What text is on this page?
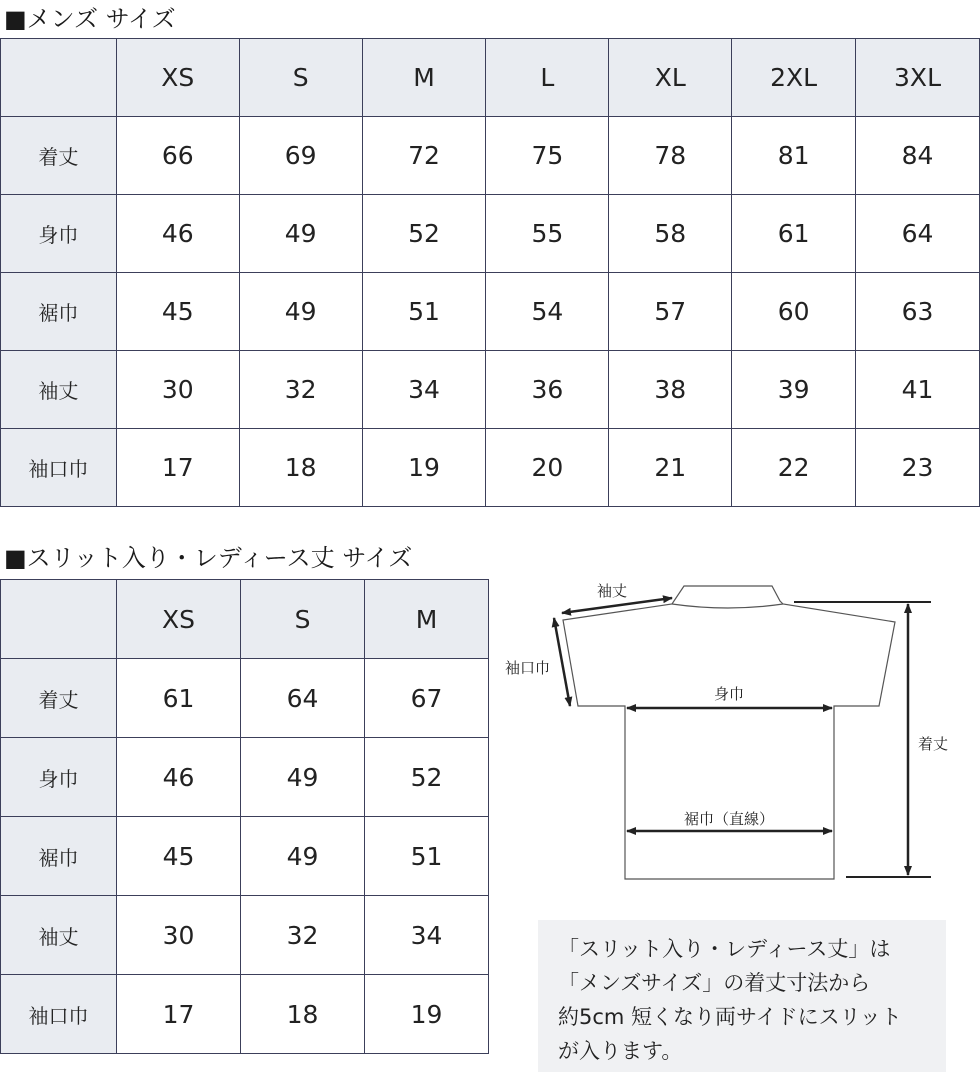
■メンズ サイズ
	XS	S	M	L	XL	2XL	3XL
着丈	66	69	72	75	78	81	84
身巾	46	49	52	55	58	61	64
裾巾	45	49	51	54	57	60	63
袖丈	30	32	34	36	38	39	41
袖口巾	17	18	19	20	21	22	23
■スリット入り・レディース丈 サイズ
	XS	S	M
着丈	61	64	67
身巾	46	49	52
裾巾	45	49	51
袖丈	30	32	34
袖口巾	17	18	19
袖丈
袖口巾
身巾
裾巾（直線）
着丈
「スリット入り・レディース丈」は
「メンズサイズ」の着丈寸法から
約5cm 短くなり両サイドにスリット
が入ります。
